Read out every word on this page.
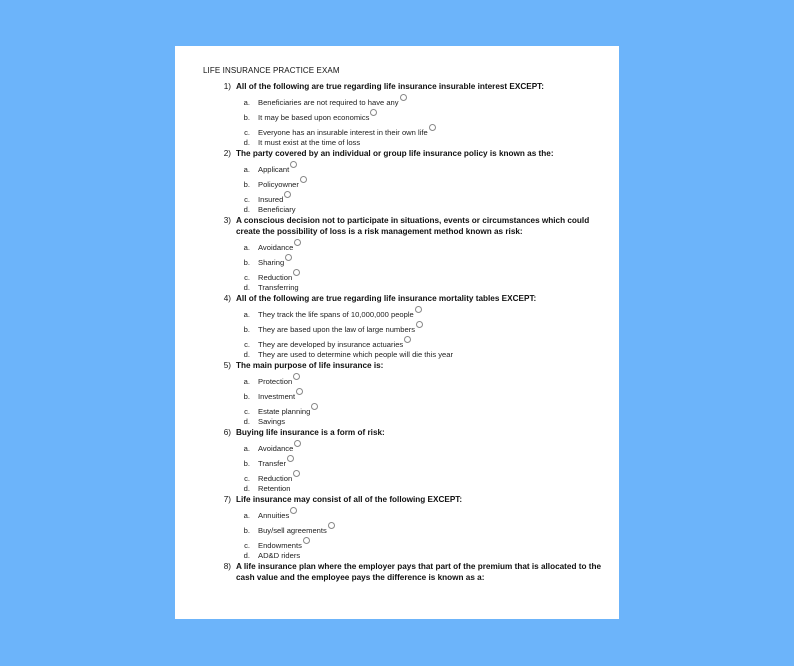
LIFE INSURANCE PRACTICE EXAM
1) All of the following are true regarding life insurance insurable interest EXCEPT:
a.	Beneficiaries are not required to have any
b.	It may be based upon economics
c.	Everyone has an insurable interest in their own life
d.	It must exist at the time of loss
2) The party covered by an individual or group life insurance policy is known as the:
a.	Applicant
b.	Policyowner
c.	Insured
d.	Beneficiary
3) A conscious decision not to participate in situations, events or circumstances which could create the possibility of loss is a risk management method known as risk:
a.	Avoidance
b.	Sharing
c.	Reduction
d.	Transferring
4) All of the following are true regarding life insurance mortality tables EXCEPT:
a.	They track the life spans of 10,000,000 people
b.	They are based upon the law of large numbers
c.	They are developed by insurance actuaries
d.	They are used to determine which people will die this year
5) The main purpose of life insurance is:
a.	Protection
b.	Investment
c.	Estate planning
d.	Savings
6) Buying life insurance is a form of risk:
a.	Avoidance
b.	Transfer
c.	Reduction
d.	Retention
7) Life insurance may consist of all of the following EXCEPT:
a.	Annuities
b.	Buy/sell agreements
c.	Endowments
d.	AD&D riders
8) A life insurance plan where the employer pays that part of the premium that is allocated to the cash value and the employee pays the difference is known as a:
